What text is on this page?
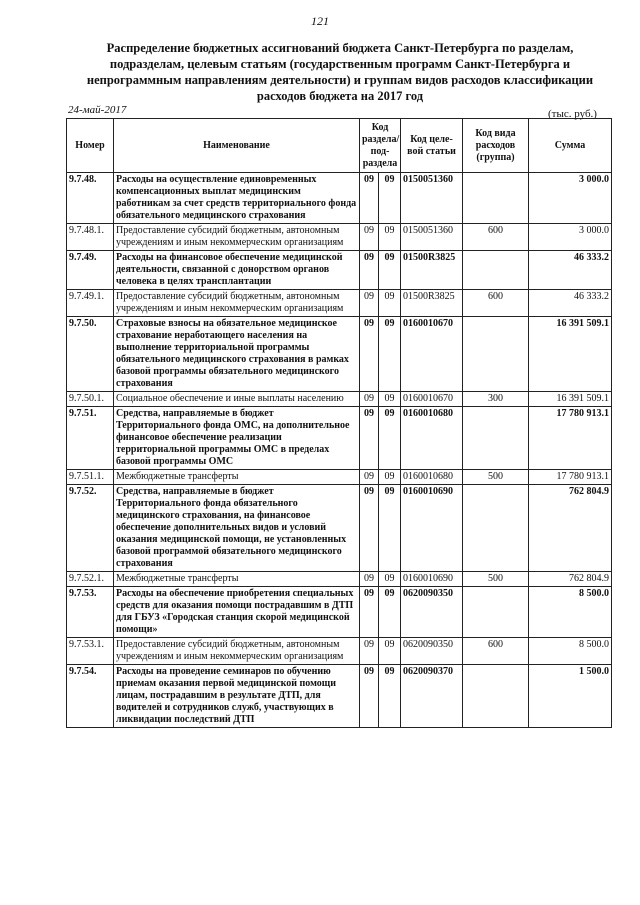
121
Распределение бюджетных ассигнований бюджета Санкт-Петербурга по разделам, подразделам, целевым статьям (государственным программ Санкт-Петербурга и непрограммным направлениям деятельности) и группам видов расходов классификации расходов бюджета на 2017 год
24-май-2017	(тыс. руб.)
Номер	Наименование	Код раздела/ под- раздела		Код целе- вой статьи	Код вида расходов (группа)	Сумма
9.7.48.	Расходы на осуществление единовременных компенсационных выплат медицинским работникам за счет средств территориального фонда обязательного медицинского страхования	09	09	0150051360		3 000.0
9.7.48.1.	Предоставление субсидий бюджетным, автономным учреждениям и иным некоммерческим организациям	09	09	0150051360	600	3 000.0
9.7.49.	Расходы на финансовое обеспечение медицинской деятельности, связанной с донорством органов человека в целях трансплантации	09	09	01500R3825		46 333.2
9.7.49.1.	Предоставление субсидий бюджетным, автономным учреждениям и иным некоммерческим организациям	09	09	01500R3825	600	46 333.2
9.7.50.	Страховые взносы на обязательное медицинское страхование неработающего населения на выполнение территориальной программы обязательного медицинского страхования в рамках базовой программы обязательного медицинского страхования	09	09	0160010670		16 391 509.1
9.7.50.1.	Социальное обеспечение и иные выплаты населению	09	09	0160010670	300	16 391 509.1
9.7.51.	Средства, направляемые в бюджет Территориального фонда ОМС, на дополнительное финансовое обеспечение реализации территориальной программы ОМС в пределах базовой программы ОМС	09	09	0160010680		17 780 913.1
9.7.51.1.	Межбюджетные трансферты	09	09	0160010680	500	17 780 913.1
9.7.52.	Средства, направляемые в бюджет Территориального фонда обязательного медицинского страхования, на финансовое обеспечение дополнительных видов и условий оказания медицинской помощи, не установленных базовой программой обязательного медицинского страхования	09	09	0160010690		762 804.9
9.7.52.1.	Межбюджетные трансферты	09	09	0160010690	500	762 804.9
9.7.53.	Расходы на обеспечение приобретения специальных средств для оказания помощи пострадавшим в ДТП для ГБУЗ «Городская станция скорой медицинской помощи»	09	09	0620090350		8 500.0
9.7.53.1.	Предоставление субсидий бюджетным, автономным учреждениям и иным некоммерческим организациям	09	09	0620090350	600	8 500.0
9.7.54.	Расходы на проведение семинаров по обучению приемам оказания первой медицинской помощи лицам, пострадавшим в результате ДТП, для водителей и сотрудников служб, участвующих в ликвидации последствий ДТП	09	09	0620090370		1 500.0
